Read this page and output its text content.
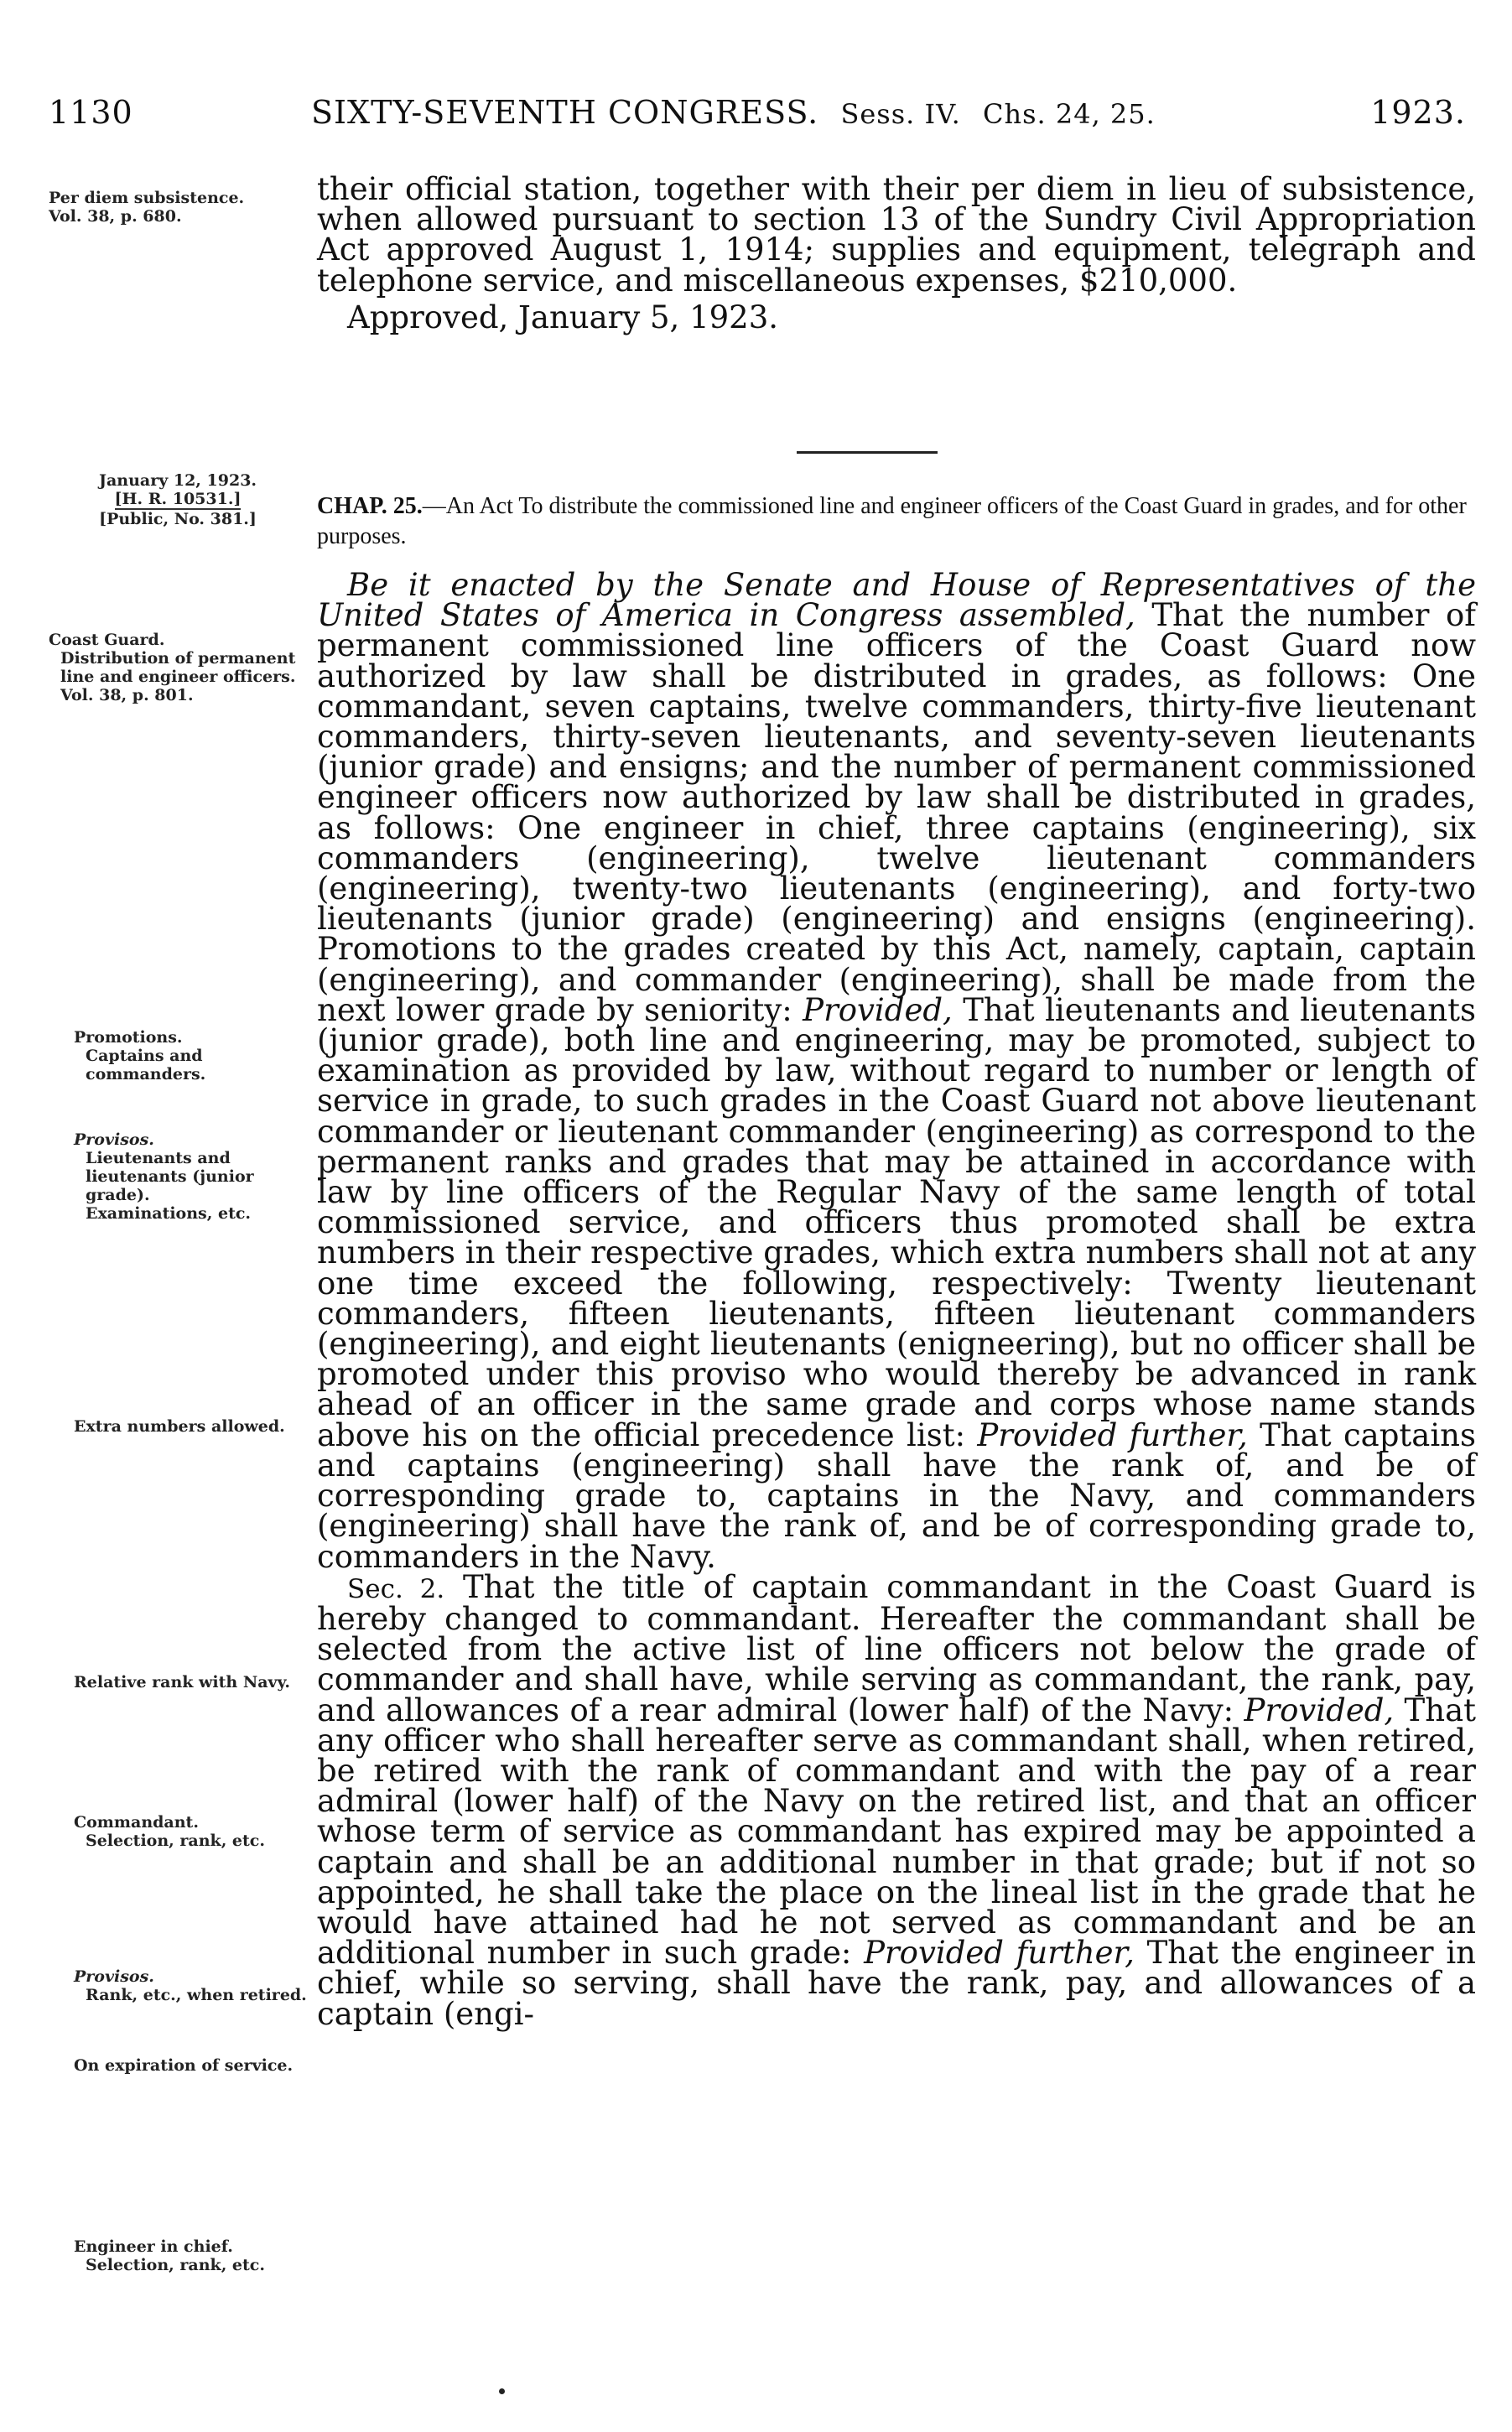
1130	SIXTY-SEVENTH CONGRESS. Sess. IV. Chs. 24, 25.	1923.
Per diem subsistence.
Vol. 38, p. 680.
January 12, 1923.
[H. R. 10531.]
[Public, No. 381.]
Coast Guard.
Distribution of permanent line and engineer officers.
Vol. 38, p. 801.
Promotions.
Captains and commanders.
Provisos.
Lieutenants and lieutenants (junior grade).
Examinations, etc.
Extra numbers allowed.
Relative rank with Navy.
Commandant.
Selection, rank, etc.
Provisos.
Rank, etc., when retired.
On expiration of service.
Engineer in chief.
Selection, rank, etc.

their official station, together with their per diem in lieu of subsistence, when allowed pursuant to section 13 of the Sundry Civil Appropriation Act approved August 1, 1914; supplies and equipment, telegraph and telephone service, and miscellaneous expenses, $210,000.

Approved, January 5, 1923.

CHAP. 25.—An Act To distribute the commissioned line and engineer officers of the Coast Guard in grades, and for other purposes.

Be it enacted by the Senate and House of Representatives of the United States of America in Congress assembled, That the number of permanent commissioned line officers of the Coast Guard now authorized by law shall be distributed in grades, as follows: One commandant, seven captains, twelve commanders, thirty-five lieutenant commanders, thirty-seven lieutenants, and seventy-seven lieutenants (junior grade) and ensigns; and the number of permanent commissioned engineer officers now authorized by law shall be distributed in grades, as follows: One engineer in chief, three captains (engineering), six commanders (engineering), twelve lieutenant commanders (engineering), twenty-two lieutenants (engineering), and forty-two lieutenants (junior grade) (engineering) and ensigns (engineering). Promotions to the grades created by this Act, namely, captain, captain (engineering), and commander (engineering), shall be made from the next lower grade by seniority: Provided, That lieutenants and lieutenants (junior grade), both line and engineering, may be promoted, subject to examination as provided by law, without regard to number or length of service in grade, to such grades in the Coast Guard not above lieutenant commander or lieutenant commander (engineering) as correspond to the permanent ranks and grades that may be attained in accordance with law by line officers of the Regular Navy of the same length of total commissioned service, and officers thus promoted shall be extra numbers in their respective grades, which extra numbers shall not at any one time exceed the following, respectively: Twenty lieutenant commanders, fifteen lieutenants, fifteen lieutenant commanders (engineering), and eight lieutenants (enigneering), but no officer shall be promoted under this proviso who would thereby be advanced in rank ahead of an officer in the same grade and corps whose name stands above his on the official precedence list: Provided further, That captains and captains (engineering) shall have the rank of, and be of corresponding grade to, captains in the Navy, and commanders (engineering) shall have the rank of, and be of corresponding grade to, commanders in the Navy.

Sec. 2. That the title of captain commandant in the Coast Guard is hereby changed to commandant. Hereafter the commandant shall be selected from the active list of line officers not below the grade of commander and shall have, while serving as commandant, the rank, pay, and allowances of a rear admiral (lower half) of the Navy: Provided, That any officer who shall hereafter serve as commandant shall, when retired, be retired with the rank of commandant and with the pay of a rear admiral (lower half) of the Navy on the retired list, and that an officer whose term of service as commandant has expired may be appointed a captain and shall be an additional number in that grade; but if not so appointed, he shall take the place on the lineal list in the grade that he would have attained had he not served as commandant and be an additional number in such grade: Provided further, That the engineer in chief, while so serving, shall have the rank, pay, and allowances of a captain (engi-
